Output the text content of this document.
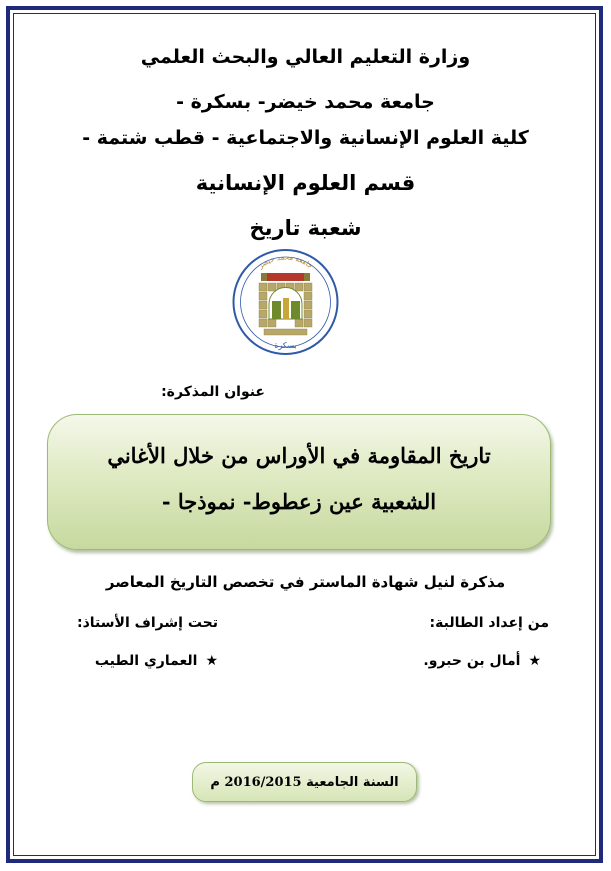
وزارة التعليم العالي والبحث العلمي
جامعة محمد خيضر- بسكرة -
كلية العلوم الإنسانية والاجتماعية - قطب شتمة -
قسم العلوم الإنسانية
شعبة تاريخ
جامعة محمد خيضر
بسكرة
عنوان المذكرة:
تاريخ المقاومة في الأوراس من خلال الأغاني
الشعبية عين زعطوط- نموذجا -
مذكرة لنيل شهادة الماستر في تخصص التاريخ المعاصر
من إعداد الطالبة:
تحت إشراف الأستاذ:
★أمال بن حبرو.
★العماري الطيب
السنة الجامعية

2016/2015

م
